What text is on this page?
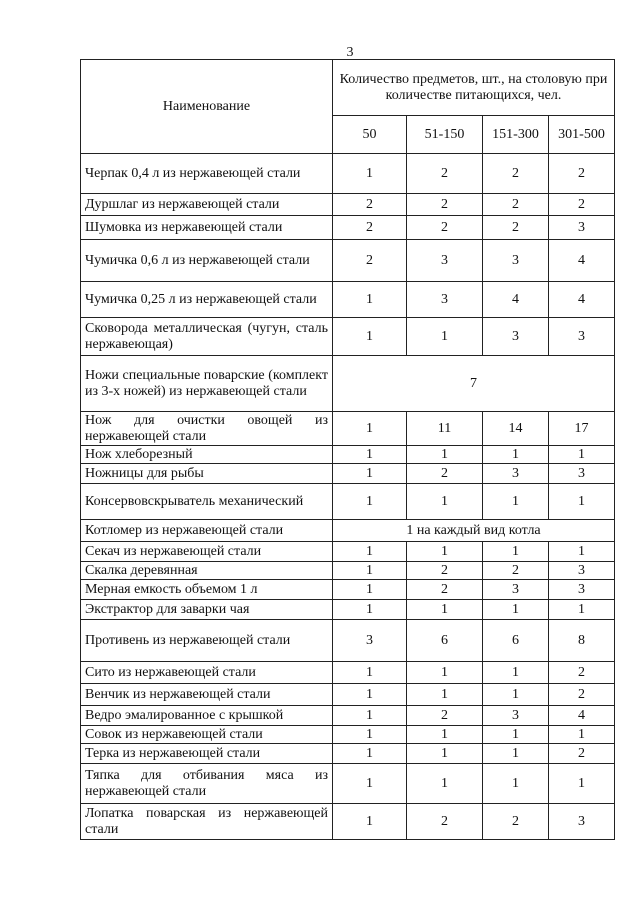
3
Наименование	Количество предметов, шт., на столовую при количестве питающихся, чел.			
	50	51-150	151-300	301-500
Черпак 0,4 л из нержавеющей стали	1	2	2	2
Дуршлаг из нержавеющей стали	2	2	2	2
Шумовка из нержавеющей стали	2	2	2	3
Чумичка 0,6 л из нержавеющей стали	2	3	3	4
Чумичка 0,25 л из нержавеющей стали	1	3	4	4
Сковорода металлическая (чугун, сталь нержавеющая)	1	1	3	3
Ножи специальные поварские (комплект из 3-х ножей) из нержавеющей стали	7			
Нож для очистки овощей из нержавеющей стали	1	11	14	17
Нож хлеборезный	1	1	1	1
Ножницы для рыбы	1	2	3	3
Консервовскрыватель механический	1	1	1	1
Котломер из нержавеющей стали	1 на каждый вид котла			
Секач из нержавеющей стали	1	1	1	1
Скалка деревянная	1	2	2	3
Мерная емкость объемом 1 л	1	2	3	3
Экстрактор для заварки чая	1	1	1	1
Противень из нержавеющей стали	3	6	6	8
Сито из нержавеющей стали	1	1	1	2
Венчик из нержавеющей стали	1	1	1	2
Ведро эмалированное с крышкой	1	2	3	4
Совок из нержавеющей стали	1	1	1	1
Терка из нержавеющей стали	1	1	1	2
Тяпка для отбивания мяса из нержавеющей стали	1	1	1	1
Лопатка поварская из нержавеющей стали	1	2	2	3
